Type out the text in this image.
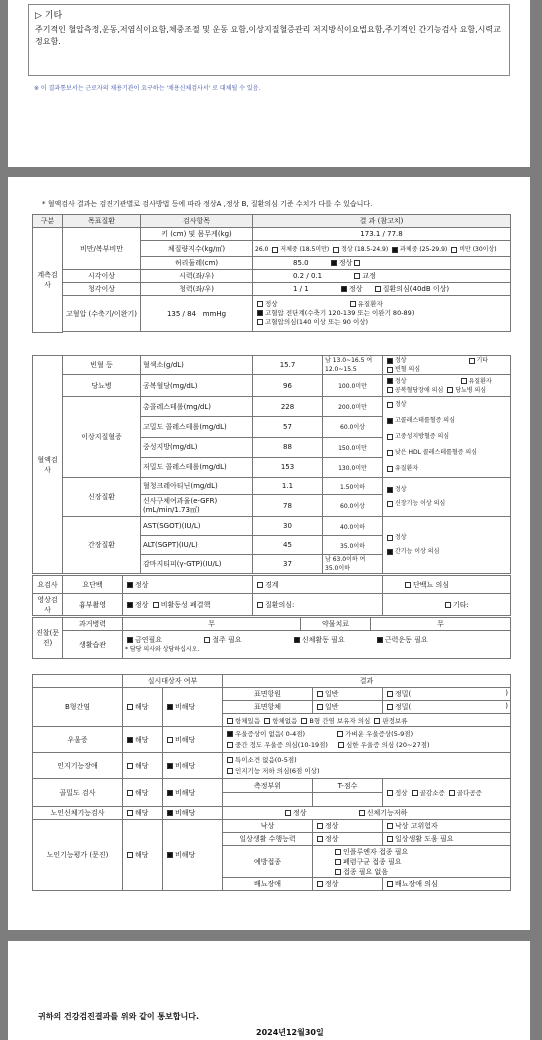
▷ 기타
주기적인 혈압측정,운동,저염식이요함,체중조절 및 운동 요함,이상지질혈증관리 저지방식이요법요함,주기적인 간기능검사 요함,시력교정요함.
※ 이 결과통보서는 근로자의 채용기관이 요구하는 '채용신체검사서' 로 대체될 수 있음.
* 혈액검사 결과는 검진기관별로 검사방법 등에 따라 정상A ,정상 B, 질환의심 기준 수치가 다를 수 있습니다.
구분	목표질환	검사항목	결 과 (참고치)
계측검사	비만/복부비만	키 (cm) 및 몸무게(kg)	173.1 / 77.8
		체질량지수(kg/㎡)	26.0 저체중 (18.5미만) 정상 (18.5-24.9) 과체중 (25-29.9) 비만 (30이상)
		허리둘레(cm)	85.0 정상
	시각이상	시력(좌/우)	0.2 / 0.1 교정
	청각이상	청력(좌/우)	1 / 1 정상 질환의심(40dB 이상)
	고혈압 (수축기/이완기)	135 / 84 mmHg	정상 유질환자
고혈압 전단계(수축기 120-139 또는 이완기 80-89)
고혈압의심(140 이상 또는 90 이상)

혈액검사	빈혈 등	혈색소(g/dL)	15.7	남 13.0~16.5 여 12.0~15.5	정상 기타
빈혈 의심
	당뇨병	공복혈당(mg/dL)	96	100.0미만	정상 유질환자
공복혈당장애 의심 당뇨병 의심
	이상지질혈증	총콜레스테롤(mg/dL)	228	200.0미만	정상
고콜레스테롤혈증 의심
고중성지방혈증 의심
낮은 HDL 콜레스테롤혈증 의심
유질환자
		고밀도 콜레스테롤(mg/dL)	57	60.0이상	
		중성지방(mg/dL)	88	150.0미만	
		저밀도 콜레스테롤(mg/dL)	153	130.0미만	
	신장질환	혈청크레아티닌(mg/dL)	1.1	1.50이하	정상
신장기능 이상 의심
		신사구체여과율(e-GFR) (mL/min/1.73㎡)	78	60.0이상	
	간장질환	AST(SGOT)(IU/L)	30	40.0이하	정상
간기능 이상 의심
		ALT(SGPT)(IU/L)	45	35.0이하	
		감마지티피(γ-GTP)(IU/L)	37	남 63.0이하 여 35.0이하	
요검사	요단백	정상	경계	단백뇨 의심
영상검사	흉부촬영	정상 비활동성 폐결핵	질환의심:	기타:
진찰(문진)	과거병력	무	약물치료	무
	생활습관	금연필요 절주 필요 신체활동 필요 근력운동 필요
* 담당 의사와 상담하십시오.		
	실시대상자 여부		결과		
B형간염	해당	비해당	표면항원	일반	정밀( )

			표면항체	일반	정밀( )

			항체있음 항체없음 B형 간염 보유자 의심 판정보류		
우울증	해당	비해당	우울증상이 없음( 0-4점) 가벼운 우울증상(5-9점)
중간 정도 우울증 의심(10-19점) 심한 우울증 의심 (20~27점)		
인지기능장애	해당	비해당	특이소견 없음(0-5점)
인지기능 저하 의심(6점 이상)		
골밀도 검사	해당	비해당	측정부위	T-점수	정상 골감소증 골다공증

노인신체기능검사	해당	비해당	정상 신체기능저하		
노인기능평가 (문진)	해당	비해당	낙상	정상	낙상 고위험자
			일상생활 수행능력	정상	일상생활 도움 필요
			예방접종	인플루엔자 접종 필요
폐렴구균 접종 필요
접종 필요 없음	
			배뇨장애	정상	배뇨장애 의심
귀하의 건강검진결과를 위와 같이 통보합니다.
2024년12월30일
